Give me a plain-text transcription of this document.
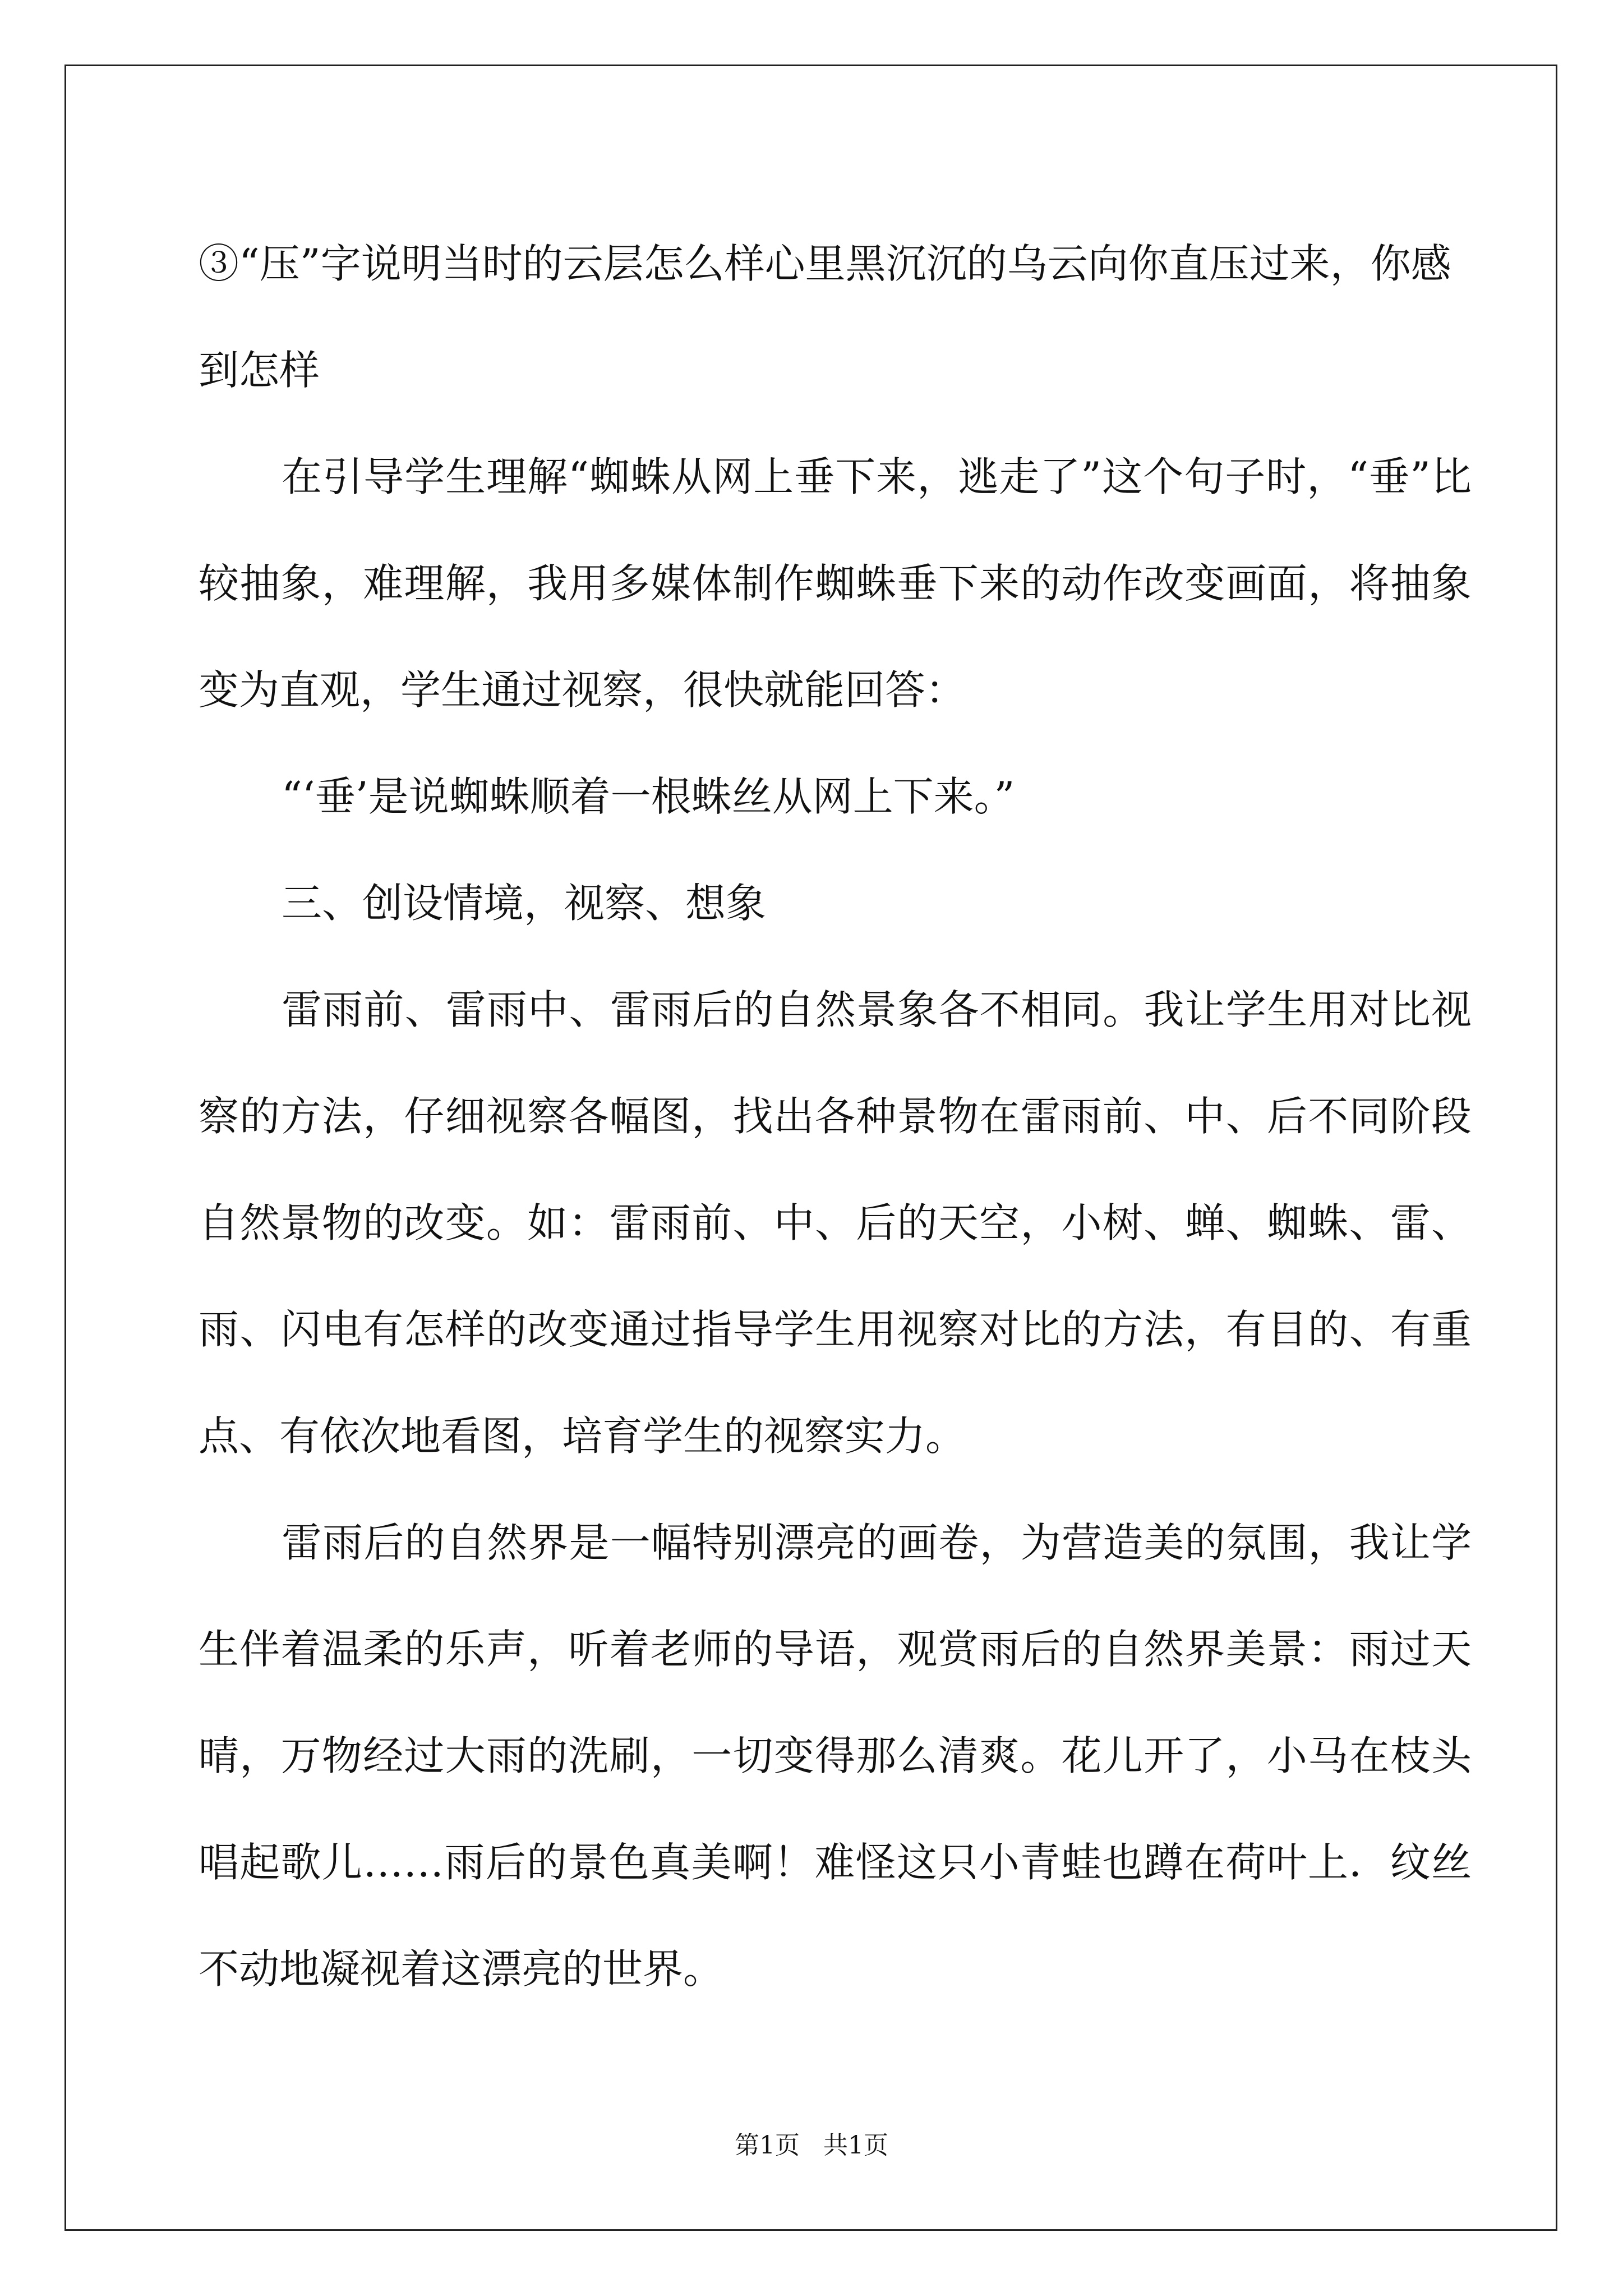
③“压”字说明当时的云层怎么样心里黑沉沉的乌云向你直压过来，你感到怎样

在引导学生理解“蜘蛛从网上垂下来，逃走了”这个句子时，“垂”比较抽象，难理解，我用多媒体制作蜘蛛垂下来的动作改变画面，将抽象变为直观，学生通过视察，很快就能回答：

“‘垂’是说蜘蛛顺着一根蛛丝从网上下来。”

三、创设情境，视察、想象

雷雨前、雷雨中、雷雨后的自然景象各不相同。我让学生用对比视察的方法，仔细视察各幅图，找出各种景物在雷雨前、中、后不同阶段自然景物的改变。如：雷雨前、中、后的天空，小树、蝉、蜘蛛、雷、雨、闪电有怎样的改变通过指导学生用视察对比的方法，有目的、有重点、有依次地看图，培育学生的视察实力。

雷雨后的自然界是一幅特别漂亮的画卷，为营造美的氛围，我让学生伴着温柔的乐声，听着老师的导语，观赏雨后的自然界美景：雨过天晴，万物经过大雨的洗刷，一切变得那么清爽。花儿开了，小马在枝头唱起歌儿……雨后的景色真美啊！难怪这只小青蛙也蹲在荷叶上．纹丝不动地凝视着这漂亮的世界。

第1页 共1页
